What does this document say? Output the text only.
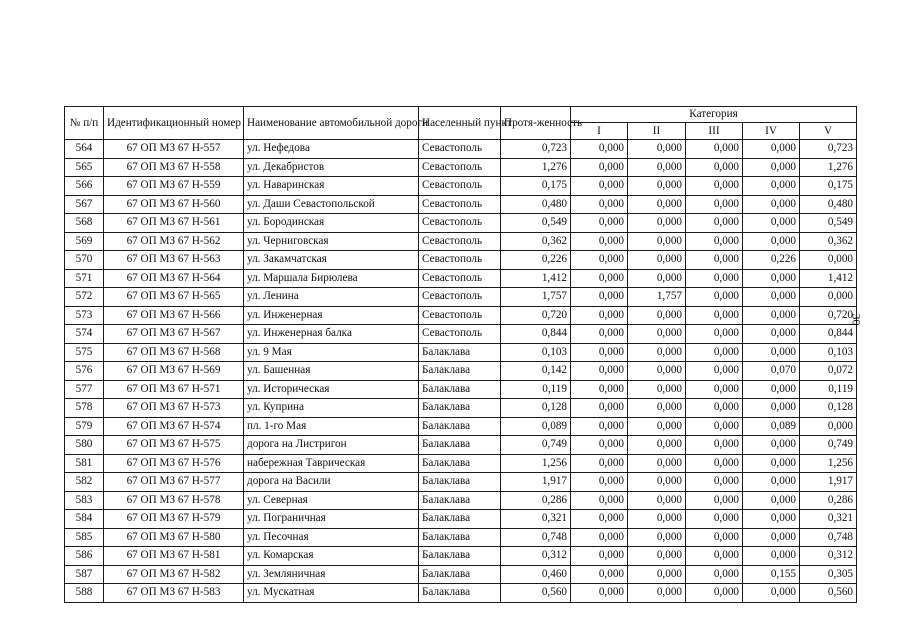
№ п/п	Идентификационный номер	Наименование автомобильной дороги	Населенный пункт	Протя-женность	Категория				
					I	II	III	IV	V
564	67 ОП МЗ 67 Н-557	ул. Нефедова	Севастополь	0,723	0,000	0,000	0,000	0,000	0,723
565	67 ОП МЗ 67 Н-558	ул. Декабристов	Севастополь	1,276	0,000	0,000	0,000	0,000	1,276
566	67 ОП МЗ 67 Н-559	ул. Наваринская	Севастополь	0,175	0,000	0,000	0,000	0,000	0,175
567	67 ОП МЗ 67 Н-560	ул. Даши Севастопольской	Севастополь	0,480	0,000	0,000	0,000	0,000	0,480
568	67 ОП МЗ 67 Н-561	ул. Бородинская	Севастополь	0,549	0,000	0,000	0,000	0,000	0,549
569	67 ОП МЗ 67 Н-562	ул. Черниговская	Севастополь	0,362	0,000	0,000	0,000	0,000	0,362
570	67 ОП МЗ 67 Н-563	ул. Закамчатская	Севастополь	0,226	0,000	0,000	0,000	0,226	0,000
571	67 ОП МЗ 67 Н-564	ул. Маршала Бирюлева	Севастополь	1,412	0,000	0,000	0,000	0,000	1,412
572	67 ОП МЗ 67 Н-565	ул. Ленина	Севастополь	1,757	0,000	1,757	0,000	0,000	0,000
573	67 ОП МЗ 67 Н-566	ул. Инженерная	Севастополь	0,720	0,000	0,000	0,000	0,000	0,720
574	67 ОП МЗ 67 Н-567	ул. Инженерная балка	Севастополь	0,844	0,000	0,000	0,000	0,000	0,844
575	67 ОП МЗ 67 Н-568	ул. 9 Мая	Балаклава	0,103	0,000	0,000	0,000	0,000	0,103
576	67 ОП МЗ 67 Н-569	ул. Башенная	Балаклава	0,142	0,000	0,000	0,000	0,070	0,072
577	67 ОП МЗ 67 Н-571	ул. Историческая	Балаклава	0,119	0,000	0,000	0,000	0,000	0,119
578	67 ОП МЗ 67 Н-573	ул. Куприна	Балаклава	0,128	0,000	0,000	0,000	0,000	0,128
579	67 ОП МЗ 67 Н-574	пл. 1-го Мая	Балаклава	0,089	0,000	0,000	0,000	0,089	0,000
580	67 ОП МЗ 67 Н-575	дорога на Листригон	Балаклава	0,749	0,000	0,000	0,000	0,000	0,749
581	67 ОП МЗ 67 Н-576	набережная Таврическая	Балаклава	1,256	0,000	0,000	0,000	0,000	1,256
582	67 ОП МЗ 67 Н-577	дорога на Васили	Балаклава	1,917	0,000	0,000	0,000	0,000	1,917
583	67 ОП МЗ 67 Н-578	ул. Северная	Балаклава	0,286	0,000	0,000	0,000	0,000	0,286
584	67 ОП МЗ 67 Н-579	ул. Пограничная	Балаклава	0,321	0,000	0,000	0,000	0,000	0,321
585	67 ОП МЗ 67 Н-580	ул. Песочная	Балаклава	0,748	0,000	0,000	0,000	0,000	0,748
586	67 ОП МЗ 67 Н-581	ул. Комарская	Балаклава	0,312	0,000	0,000	0,000	0,000	0,312
587	67 ОП МЗ 67 Н-582	ул. Земляничная	Балаклава	0,460	0,000	0,000	0,000	0,155	0,305
588	67 ОП МЗ 67 Н-583	ул. Мускатная	Балаклава	0,560	0,000	0,000	0,000	0,000	0,560
30
